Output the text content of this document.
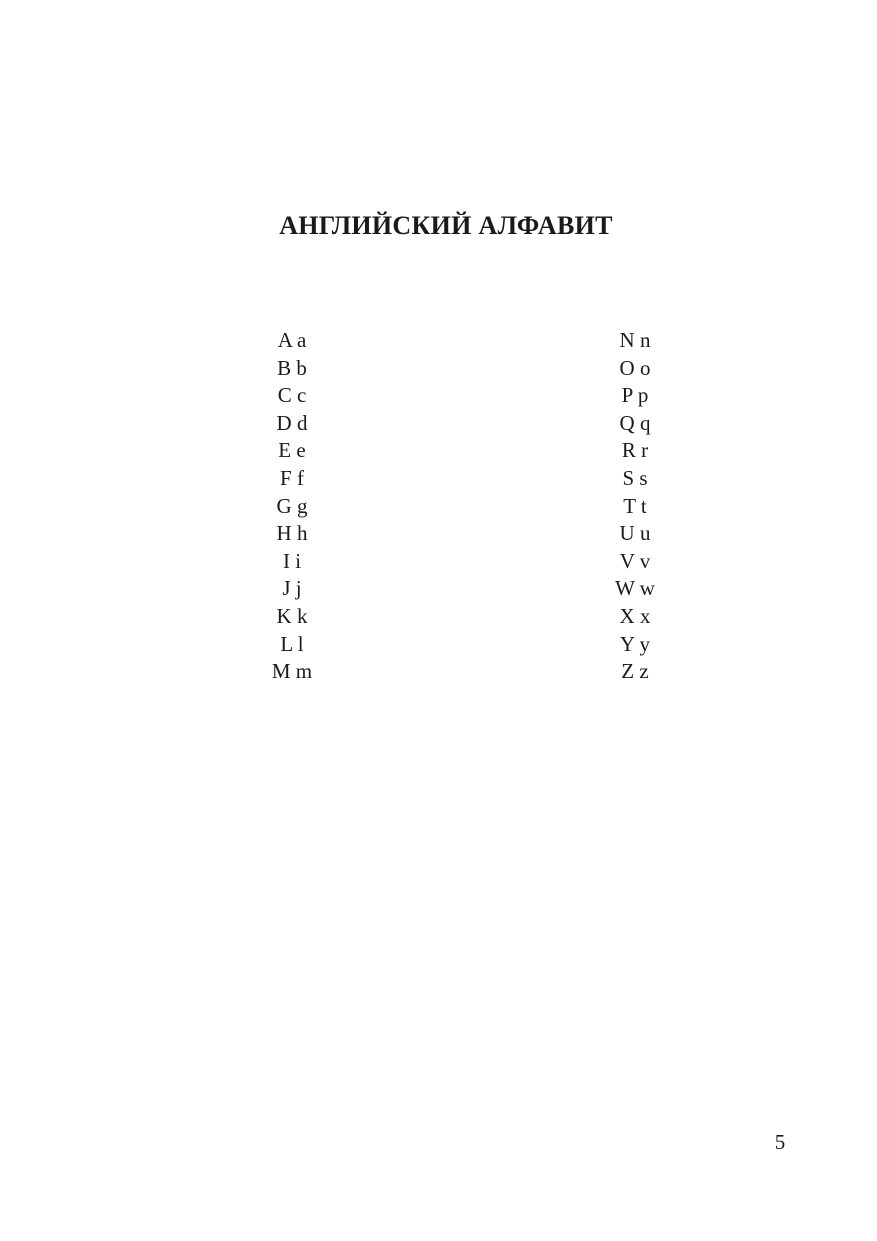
АНГЛИЙСКИЙ АЛФАВИТ
A a
B b
C c
D d
E e
F f
G g
H h
I i
J j
K k
L l
M m
N n
O o
P p
Q q
R r
S s
T t
U u
V v
W w
X x
Y y
Z z
5
